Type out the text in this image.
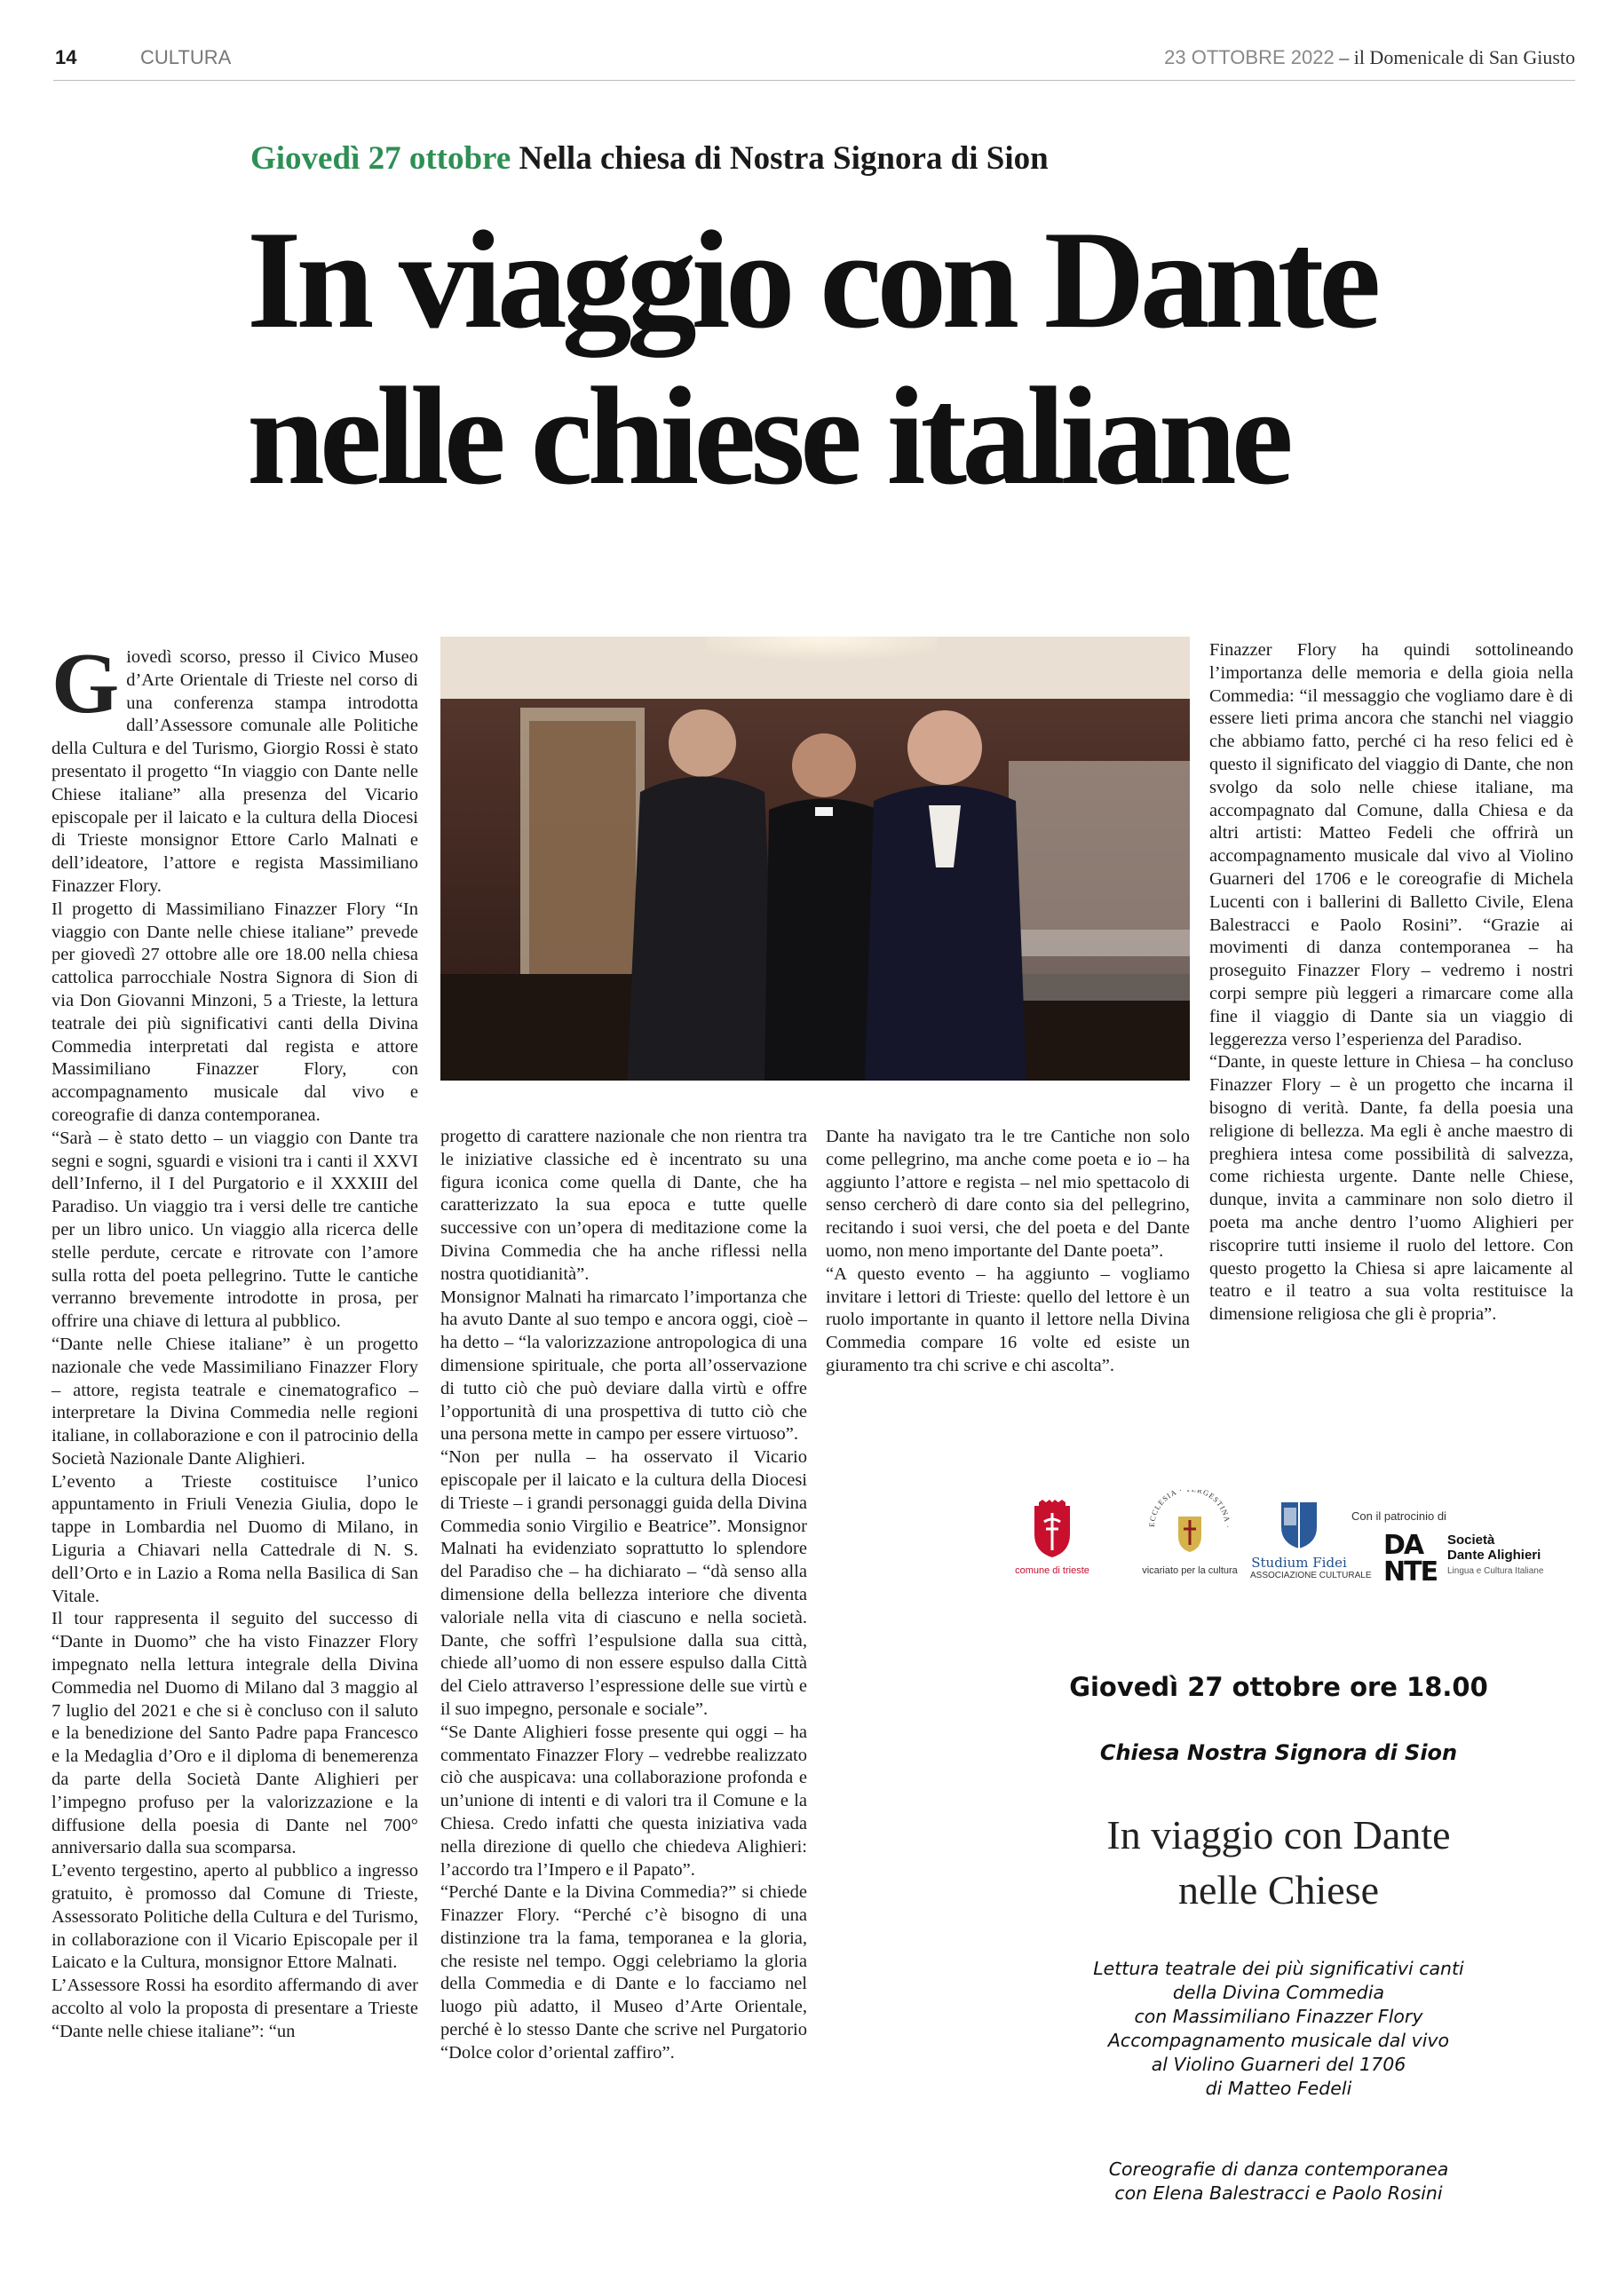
14	CULTURA	23 OTTOBRE 2022 – il Domenicale di San Giusto
Giovedì 27 ottobre Nella chiesa di Nostra Signora di Sion
In viaggio con Dante
nelle chiese italiane

Giovedì scorso, presso il Civico Museo d’Arte Orientale di Trieste nel corso di una conferenza stampa introdotta dall’Assessore comunale alle Politiche della Cultura e del Turismo, Giorgio Rossi è stato presentato il progetto “In viaggio con Dante nelle Chiese italiane” alla presenza del Vicario episcopale per il laicato e la cultura della Diocesi di Trieste monsignor Ettore Carlo Malnati e dell’ideatore, l’attore e regista Massimiliano Finazzer Flory.

Il progetto di Massimiliano Finazzer Flory “In viaggio con Dante nelle chiese italiane” prevede per giovedì 27 ottobre alle ore 18.00 nella chiesa cattolica parrocchiale Nostra Signora di Sion di via Don Giovanni Minzoni, 5 a Trieste, la lettura teatrale dei più significativi canti della Divina Commedia interpretati dal regista e attore Massimiliano Finazzer Flory, con accompagnamento musicale dal vivo e coreografie di danza contemporanea.

“Sarà – è stato detto – un viaggio con Dante tra segni e sogni, sguardi e visioni tra i canti il XXVI dell’Inferno, il I del Purgatorio e il XXXIII del Paradiso. Un viaggio tra i versi delle tre cantiche per un libro unico. Un viaggio alla ricerca delle stelle perdute, cercate e ritrovate con l’amore sulla rotta del poeta pellegrino. Tutte le cantiche verranno brevemente introdotte in prosa, per offrire una chiave di lettura al pubblico.

“Dante nelle Chiese italiane” è un progetto nazionale che vede Massimiliano Finazzer Flory – attore, regista teatrale e cinematografico – interpretare la Divina Commedia nelle regioni italiane, in collaborazione e con il patrocinio della Società Nazionale Dante Alighieri.

L’evento a Trieste costituisce l’unico appuntamento in Friuli Venezia Giulia, dopo le tappe in Lombardia nel Duomo di Milano, in Liguria a Chiavari nella Cattedrale di N. S. dell’Orto e in Lazio a Roma nella Basilica di San Vitale.

Il tour rappresenta il seguito del successo di “Dante in Duomo” che ha visto Finazzer Flory impegnato nella lettura integrale della Divina Commedia nel Duomo di Milano dal 3 maggio al 7 luglio del 2021 e che si è concluso con il saluto e la benedizione del Santo Padre papa Francesco e la Medaglia d’Oro e il diploma di benemerenza da parte della Società Dante Alighieri per l’impegno profuso per la valorizzazione e la diffusione della poesia di Dante nel 700° anniversario dalla sua scomparsa.

L’evento tergestino, aperto al pubblico a ingresso gratuito, è promosso dal Comune di Trieste, Assessorato Politiche della Cultura e del Turismo, in collaborazione con il Vicario Episcopale per il Laicato e la Cultura, monsignor Ettore Malnati.

L’Assessore Rossi ha esordito affermando di aver accolto al volo la proposta di presentare a Trieste “Dante nelle chiese italiane”: “un

progetto di carattere nazionale che non rientra tra le iniziative classiche ed è incentrato su una figura iconica come quella di Dante, che ha caratterizzato la sua epoca e tutte quelle successive con un’opera di meditazione come la Divina Commedia che ha anche riflessi nella nostra quotidianità”.

Monsignor Malnati ha rimarcato l’importanza che ha avuto Dante al suo tempo e ancora oggi, cioè – ha detto – “la valorizzazione antropologica di una dimensione spirituale, che porta all’osservazione di tutto ciò che può deviare dalla virtù e offre l’opportunità di una prospettiva di tutto ciò che una persona mette in campo per essere virtuoso”.

“Non per nulla – ha osservato il Vicario episcopale per il laicato e la cultura della Diocesi di Trieste – i grandi personaggi guida della Divina Commedia sonio Virgilio e Beatrice”. Monsignor Malnati ha evidenziato soprattutto lo splendore del Paradiso che – ha dichiarato – “dà senso alla dimensione della bellezza interiore che diventa valoriale nella vita di ciascuno e nella società. Dante, che soffrì l’espulsione dalla sua città, chiede all’uomo di non essere espulso dalla Città del Cielo attraverso l’espressione delle sue virtù e il suo impegno, personale e sociale”.

“Se Dante Alighieri fosse presente qui oggi – ha commentato Finazzer Flory – vedrebbe realizzato ciò che auspicava: una collaborazione profonda e un’unione di intenti e di valori tra il Comune e la Chiesa. Credo infatti che questa iniziativa vada nella direzione di quello che chiedeva Alighieri: l’accordo tra l’Impero e il Papato”.

“Perché Dante e la Divina Commedia?” si chiede Finazzer Flory. “Perché c’è bisogno di una distinzione tra la fama, temporanea e la gloria, che resiste nel tempo. Oggi celebriamo la gloria della Commedia e di Dante e lo facciamo nel luogo più adatto, il Museo d’Arte Orientale, perché è lo stesso Dante che scrive nel Purgatorio “Dolce color d’oriental zaffiro”.

Dante ha navigato tra le tre Cantiche non solo come pellegrino, ma anche come poeta e io – ha aggiunto l’attore e regista – nel mio spettacolo di senso cercherò di dare conto sia del pellegrino, recitando i suoi versi, che del poeta e del Dante uomo, non meno importante del Dante poeta”.

“A questo evento – ha aggiunto – vogliamo invitare i lettori di Trieste: quello del lettore è un ruolo importante in quanto il lettore nella Divina Commedia compare 16 volte ed esiste un giuramento tra chi scrive e chi ascolta”.

Finazzer Flory ha quindi sottolineando l’importanza delle memoria e della gioia nella Commedia: “il messaggio che vogliamo dare è di essere lieti prima ancora che stanchi nel viaggio che abbiamo fatto, perché ci ha reso felici ed è questo il significato del viaggio di Dante, che non svolgo da solo nelle chiese italiane, ma accompagnato dal Comune, dalla Chiesa e da altri artisti: Matteo Fedeli che offrirà un accompagnamento musicale dal vivo al Violino Guarneri del 1706 e le coreografie di Michela Lucenti con i ballerini di Balletto Civile, Elena Balestracci e Paolo Rosini”. “Grazie ai movimenti di danza contemporanea – ha proseguito Finazzer Flory – vedremo i nostri corpi sempre più leggeri a rimarcare come alla fine il viaggio di Dante sia un viaggio di leggerezza verso l’esperienza del Paradiso.

“Dante, in queste letture in Chiesa – ha concluso Finazzer Flory – è un progetto che incarna il bisogno di verità. Dante, fa della poesia una religione di bellezza. Ma egli è anche maestro di preghiera intesa come possibilità di salvezza, come richiesta urgente. Dante nelle Chiese, dunque, invita a camminare non solo dietro il poeta ma anche dentro l’uomo Alighieri per riscoprire tutti insieme il ruolo del lettore. Con questo progetto la Chiesa si apre laicamente al teatro e il teatro a sua volta restituisce la dimensione religiosa che gli è propria”.

comune di trieste
ECCLESIA · RGESTINA ·
vicariato per la cultura	Studium Fidei
ASSOCIAZIONE CULTURALE
Con il patrocinio di
DANTE
Società
Dante Alighieri
Lingua e Cultura Italiane
Giovedì 27 ottobre ore 18.00
Chiesa Nostra Signora di Sion
In viaggio con Dante
nelle Chiese
Lettura teatrale dei più significativi canti
della Divina Commedia
con Massimiliano Finazzer Flory
Accompagnamento musicale dal vivo
al Violino Guarneri del 1706
di Matteo Fedeli
Coreografie di danza contemporanea
con Elena Balestracci e Paolo Rosini
